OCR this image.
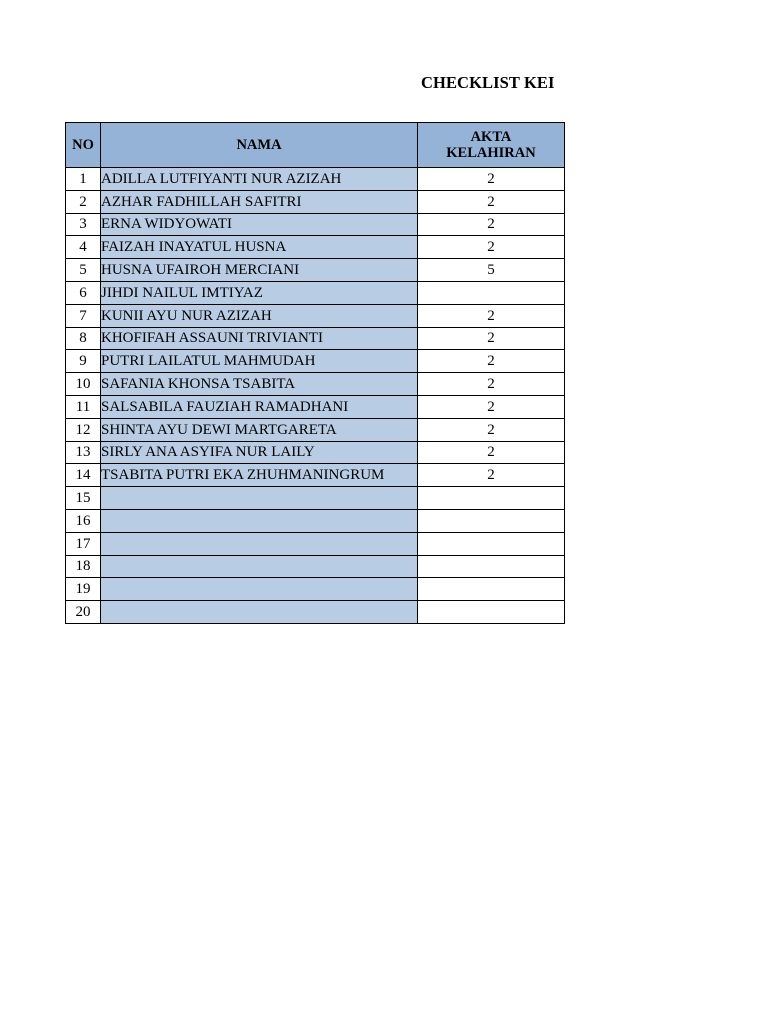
CHECKLIST KEI
NO	NAMA	AKTA KELAHIRAN
1	ADILLA LUTFIYANTI NUR AZIZAH	2
2	AZHAR FADHILLAH SAFITRI	2
3	ERNA WIDYOWATI	2
4	FAIZAH INAYATUL HUSNA	2
5	HUSNA UFAIROH MERCIANI	5
6	JIHDI NAILUL IMTIYAZ	
7	KUNII AYU NUR AZIZAH	2
8	KHOFIFAH ASSAUNI TRIVIANTI	2
9	PUTRI LAILATUL MAHMUDAH	2
10	SAFANIA KHONSA TSABITA	2
11	SALSABILA FAUZIAH RAMADHANI	2
12	SHINTA AYU DEWI MARTGARETA	2
13	SIRLY ANA ASYIFA NUR LAILY	2
14	TSABITA PUTRI EKA ZHUHMANINGRUM	2
15		
16		
17		
18		
19		
20		
